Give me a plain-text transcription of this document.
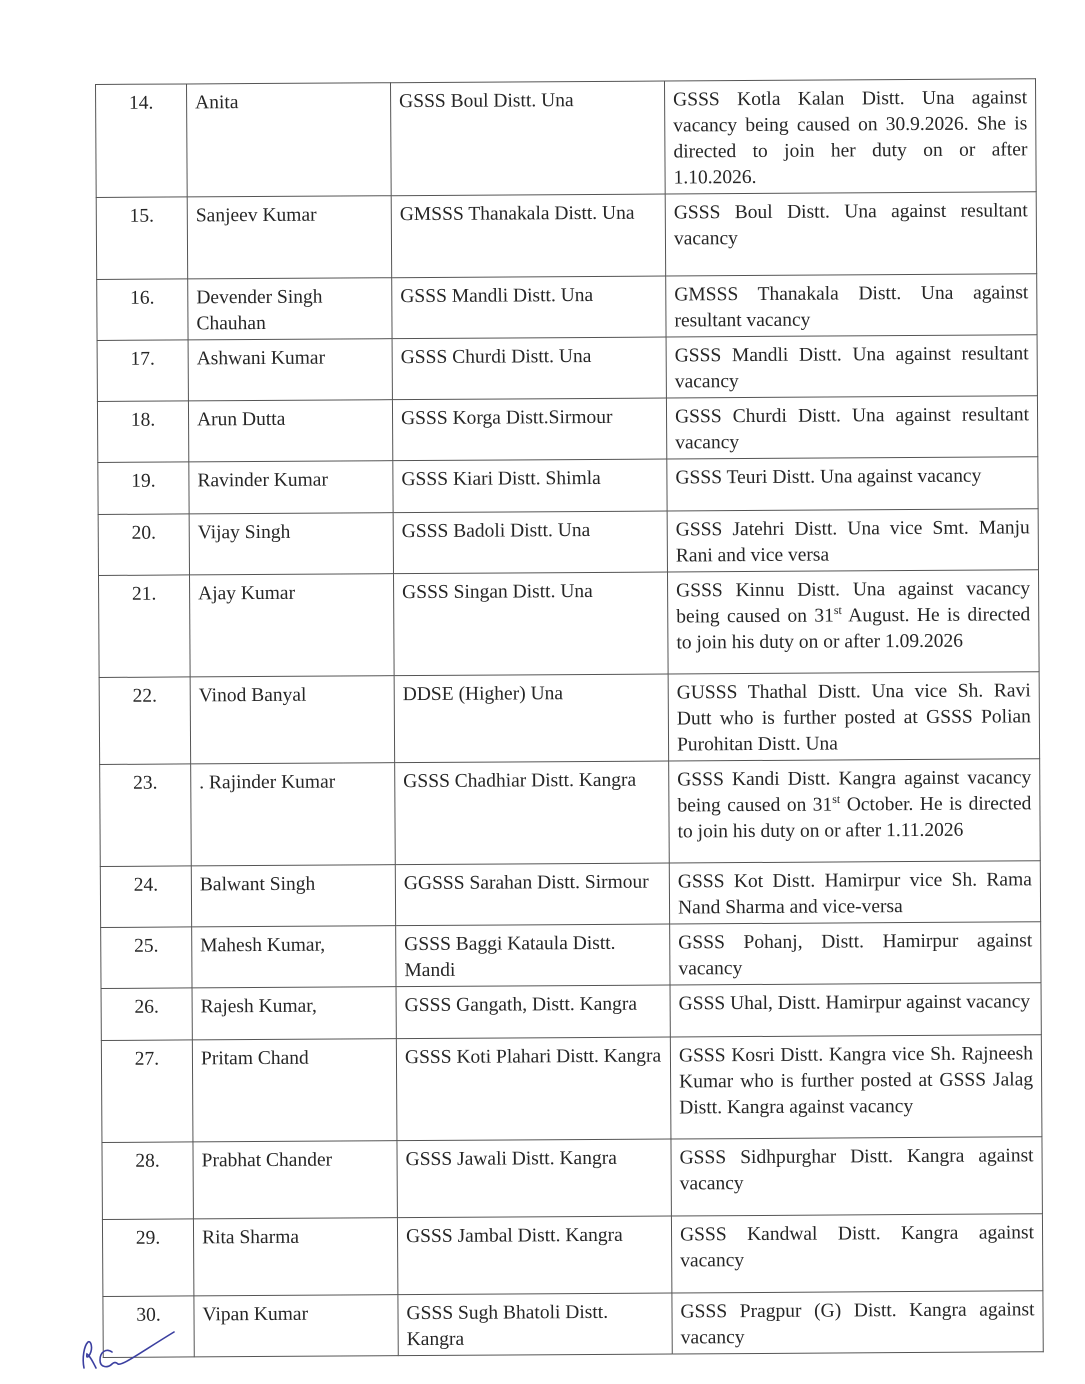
14.	Anita	GSSS Boul Distt. Una	GSSS Kotla Kalan Distt. Una against vacancy being caused on 30.9.2026. She is directed to join her duty on or after 1.10.2026.
15.	Sanjeev Kumar	GMSSS Thanakala Distt. Una	GSSS Boul Distt. Una against resultant vacancy
16.	Devender Singh Chauhan	GSSS Mandli Distt. Una	GMSSS Thanakala Distt. Una against resultant vacancy
17.	Ashwani Kumar	GSSS Churdi Distt. Una	GSSS Mandli Distt. Una against resultant vacancy
18.	Arun Dutta	GSSS Korga Distt.Sirmour	GSSS Churdi Distt. Una against resultant vacancy
19.	Ravinder Kumar	GSSS Kiari Distt. Shimla	GSSS Teuri Distt. Una against vacancy
20.	Vijay Singh	GSSS Badoli Distt. Una	GSSS Jatehri Distt. Una vice Smt. Manju Rani and vice versa
21.	Ajay Kumar	GSSS Singan Distt. Una	GSSS Kinnu Distt. Una against vacancy being caused on 31st August. He is directed to join his duty on or after 1.09.2026
22.	Vinod Banyal	DDSE (Higher) Una	GUSSS Thathal Distt. Una vice Sh. Ravi Dutt who is further posted at GSSS Polian Purohitan Distt. Una
23.	. Rajinder Kumar	GSSS Chadhiar Distt. Kangra	GSSS Kandi Distt. Kangra against vacancy being caused on 31st October. He is directed to join his duty on or after 1.11.2026
24.	Balwant Singh	GGSSS Sarahan Distt. Sirmour	GSSS Kot Distt. Hamirpur vice Sh. Rama Nand Sharma and vice-versa
25.	Mahesh Kumar,	GSSS Baggi Kataula Distt. Mandi	GSSS Pohanj, Distt. Hamirpur against vacancy
26.	Rajesh Kumar,	GSSS Gangath, Distt. Kangra	GSSS Uhal, Distt. Hamirpur against vacancy
27.	Pritam Chand	GSSS Koti Plahari Distt. Kangra	GSSS Kosri Distt. Kangra vice Sh. Rajneesh Kumar who is further posted at GSSS Jalag Distt. Kangra against vacancy
28.	Prabhat Chander	GSSS Jawali Distt. Kangra	GSSS Sidhpurghar Distt. Kangra against vacancy
29.	Rita Sharma	GSSS Jambal Distt. Kangra	GSSS Kandwal Distt. Kangra against vacancy
30.	Vipan Kumar	GSSS Sugh Bhatoli Distt. Kangra	GSSS Pragpur (G) Distt. Kangra against vacancy
